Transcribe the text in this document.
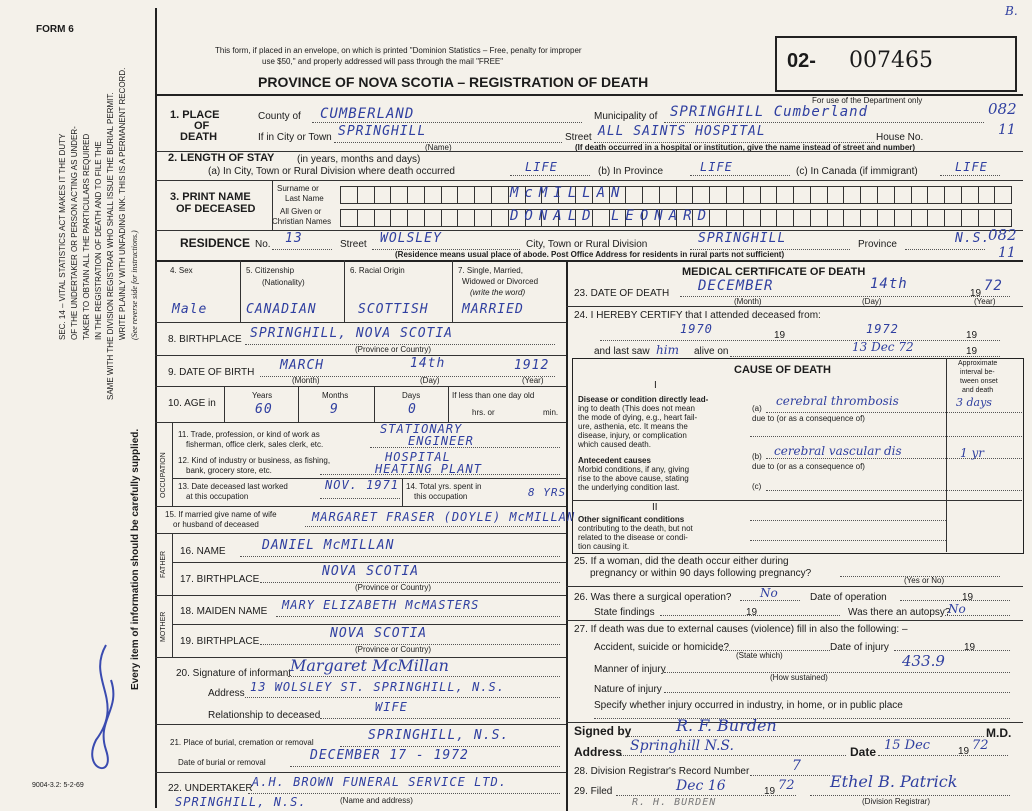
FORM 6
B.
This form, if placed in an envelope, on which is printed "Dominion Statistics – Free, penalty for improper
use $50," and properly addressed will pass through the mail "FREE"
PROVINCE OF NOVA SCOTIA – REGISTRATION OF DEATH
02- 007465
SEC. 14 – VITAL STATISTICS ACT MAKES IT THE DUTY OF THE UNDERTAKER OR PERSON ACTING AS UNDER- TAKER TO OBTAIN ALL THE PARTICULARS REQUIRED IN THE REGISTRATION OF DEATH AND TO FILE THE SAME WITH THE DIVISION REGISTRAR WHO SHALL ISSUE THE BURIAL PERMIT. WRITE PLAINLY WITH UNFADING INK. THIS IS A PERMANENT RECORD. (See reverse side for instructions.)
Every item of information should be carefully supplied.
9004-3.2: 5-2-69
1. PLACE
OF
DEATH
For use of the Department only
County of CUMBERLAND	Municipality of SPRINGHILL Cumberland	082
If in City or Town SPRINGHILL
(Name)
Street ALL SAINTS HOSPITAL	House No.	11
(If death occurred in a hospital or institution, give the name instead of street and number)
2. LENGTH OF STAY (in years, months and days)
(a) In City, Town or Rural Division where death occurred	LIFE	(b) In Province	LIFE	(c) In Canada (if immigrant)	LIFE
3. PRINT NAME
OF DECEASED
Surname or
Last Name
All Given or
Christian Names
McMILLAN
DONALD LEONARD
RESIDENCE No. 13	Street WOLSLEY	City, Town or Rural Division	SPRINGHILL	Province	N.S.
082
11
(Residence means usual place of abode. Post Office Address for residents in rural parts not sufficient)
4. Sex	5. Citizenship
(Nationality)
6. Racial Origin	7. Single, Married,
Widowed or Divorced
(write the word)
Male	CANADIAN	SCOTTISH	MARRIED
8. BIRTHPLACE SPRINGHILL, NOVA SCOTIA
(Province or Country)
9. DATE OF BIRTH MARCH	14th	1912
(Month)	(Day)	(Year)
10. AGE in
Years	Months	Days	If less than one day old
hrs. or	min.
60	9	0
OCCUPATION
11. Trade, profession, or kind of work as
fisherman, office clerk, sales clerk, etc.
STATIONARY
ENGINEER
12. Kind of industry or business, as fishing,
bank, grocery store, etc.
HOSPITAL
HEATING PLANT
13. Date deceased last worked
at this occupation
NOV. 1971 14. Total yrs. spent in
this occupation	8 YRS
15. If married give name of wife
or husband of deceased
MARGARET FRASER (DOYLE) McMILLAN
FATHER 16. NAME	DANIEL McMILLAN
17. BIRTHPLACE
NOVA SCOTIA
(Province or Country)
MOTHER
18. MAIDEN NAME MARY ELIZABETH McMASTERS
19. BIRTHPLACE
NOVA SCOTIA
(Province or Country)
20. Signature of informant
Margaret McMillan
Address 13 WOLSLEY ST. SPRINGHILL, N.S.
Relationship to deceased
WIFE
21. Place of burial, cremation or removal	SPRINGHILL, N.S.
Date of burial or removal	DECEMBER 17 - 1972
22. UNDERTAKER A.H. BROWN FUNERAL SERVICE LTD.
SPRINGHILL, N.S.	(Name and address)
MEDICAL CERTIFICATE OF DEATH
23. DATE OF DEATH DECEMBER	14th
19 72
(Month)	(Day)	(Year)
24. I HEREBY CERTIFY that I attended deceased from:
1970	19	1972	19
and last saw him alive on	13 Dec 72	19
CAUSE OF DEATH
Approximate
interval be-
tween onset
and death
I
Disease or condition directly lead-
ing to death (This does not mean
the mode of dying, e.g., heart fail-
ure, asthenia, etc. It means the
disease, injury, or complication
which caused death.
(a)
cerebral thrombosis	3 days
due to (or as a consequence of)
Antecedent causes
Morbid conditions, if any, giving
rise to the above cause, stating
the underlying condition last.
(b) cerebral vascular dis	1 yr
due to (or as a consequence of)
(c)
II
Other significant conditions
contributing to the death, but not
related to the disease or condi-
tion causing it.
25. If a woman, did the death occur either during
pregnancy or within 90 days following pregnancy?
(Yes or No)
26. Was there a surgical operation? No	Date of operation	19
State findings	19	Was there an autopsy?
No
27. If death was due to external causes (violence) fill in also the following: –
Accident, suicide or homicide?
(State which)
Date of injury	19
433.9
Manner of injury
(How sustained)
Nature of injury
Specify whether injury occurred in industry, in home, or in public place
Signed by	R. F. Burden	M.D.
Address Springhill N.S.	Date 15 Dec	19 72
28. Division Registrar's Record Number	7
29. Filed	Dec 16	19 72 Ethel B. Patrick
(Division Registrar)
R. H. BURDEN
